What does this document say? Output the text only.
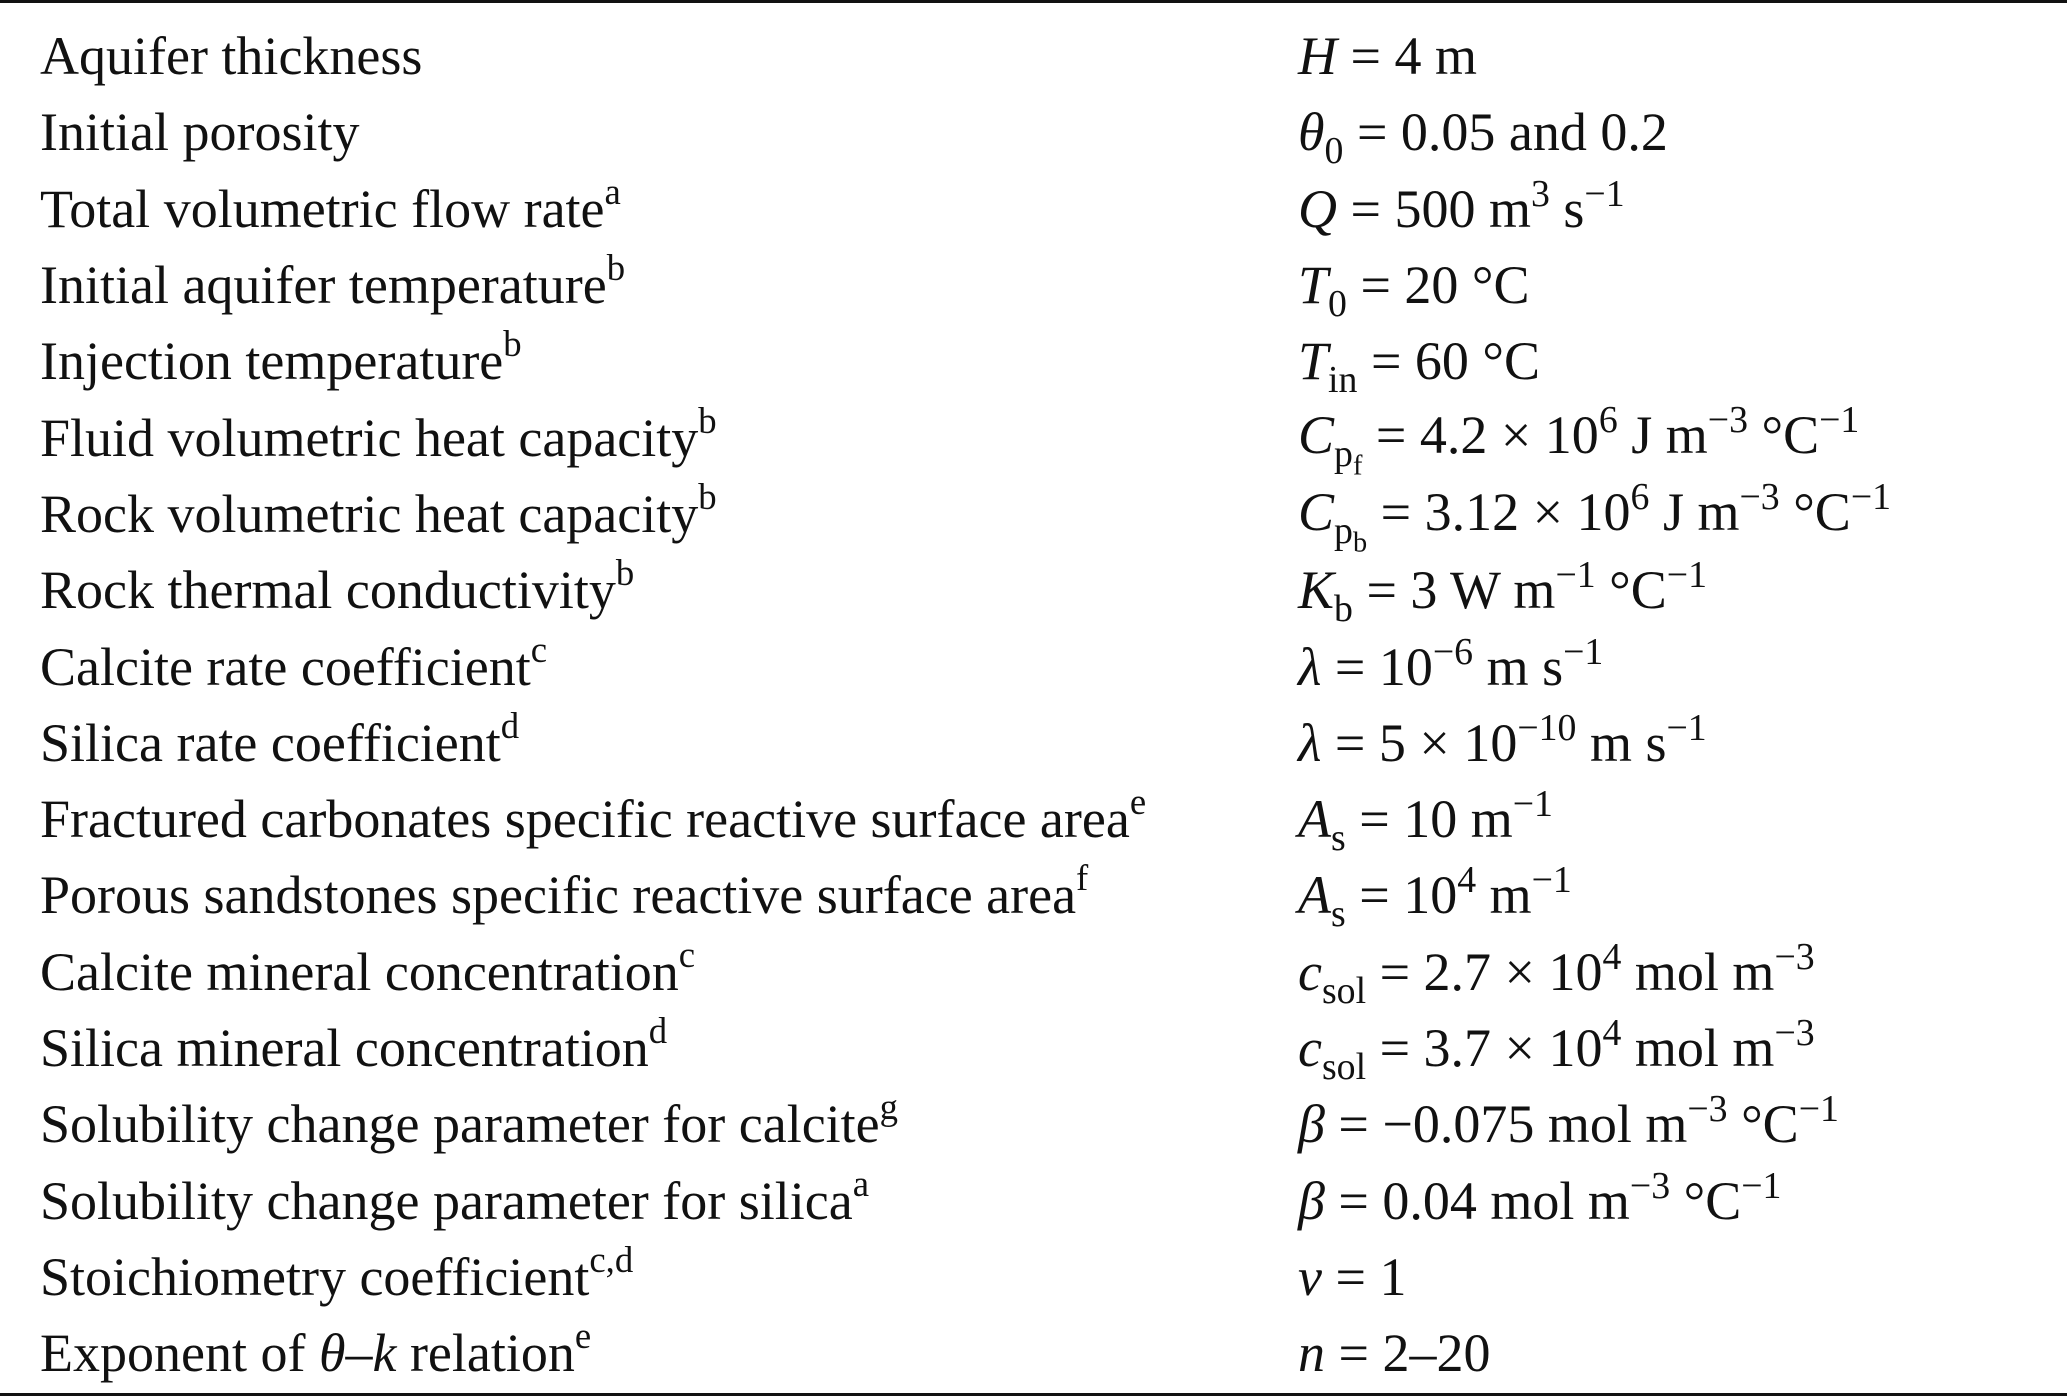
Aquifer thickness	H = 4 m
Initial porosity	$\theta_0 = 0.05$ and 0.2
Total volumetric flow rate$^a$	Q = 500 $m^3$ $s^{-1}$
Initial aquifer temperature$^b$	$T_0 = 20$ °C
Injection temperature$^b$	$T_{in} = 60$ °C
Fluid volumetric heat capacity$^b$	$C_{p_f} = 4.2 \times 10^6$ J $m^{-3}$ $^\circ C^{-1}$
Rock volumetric heat capacity$^b$	$C_{p_b} = 3.12 \times 10^6$ J $m^{-3}$ $^\circ C^{-1}$
Rock thermal conductivity$^b$	$K_b = 3$ W $m^{-1}$ $^\circ C^{-1}$
Calcite rate coefficient$^c$	$\lambda = 10^{-6}$ m $s^{-1}$
Silica rate coefficient$^d$	$\lambda = 5 \times 10^{-10}$ m $s^{-1}$
Fractured carbonates specific reactive surface area$^e$	$A_s = 10$ $m^{-1}$
Porous sandstones specific reactive surface area$^f$	$A_s = 10^4$ $m^{-1}$
Calcite mineral concentration$^c$	$c_{sol} = 2.7 \times 10^4$ mol $m^{-3}$
Silica mineral concentration$^d$	$c_{sol} = 3.7 \times 10^4$ mol $m^{-3}$
Solubility change parameter for calcite$^g$	β = −0.075 mol $m^{-3}$ $^\circ C^{-1}$
Solubility change parameter for silica$^a$	β = 0.04 mol $m^{-3}$ $^\circ C^{-1}$
Stoichiometry coefficient$^{c,d}$	ν = 1
Exponent of θ–k relation$^e$	n = 2–20
